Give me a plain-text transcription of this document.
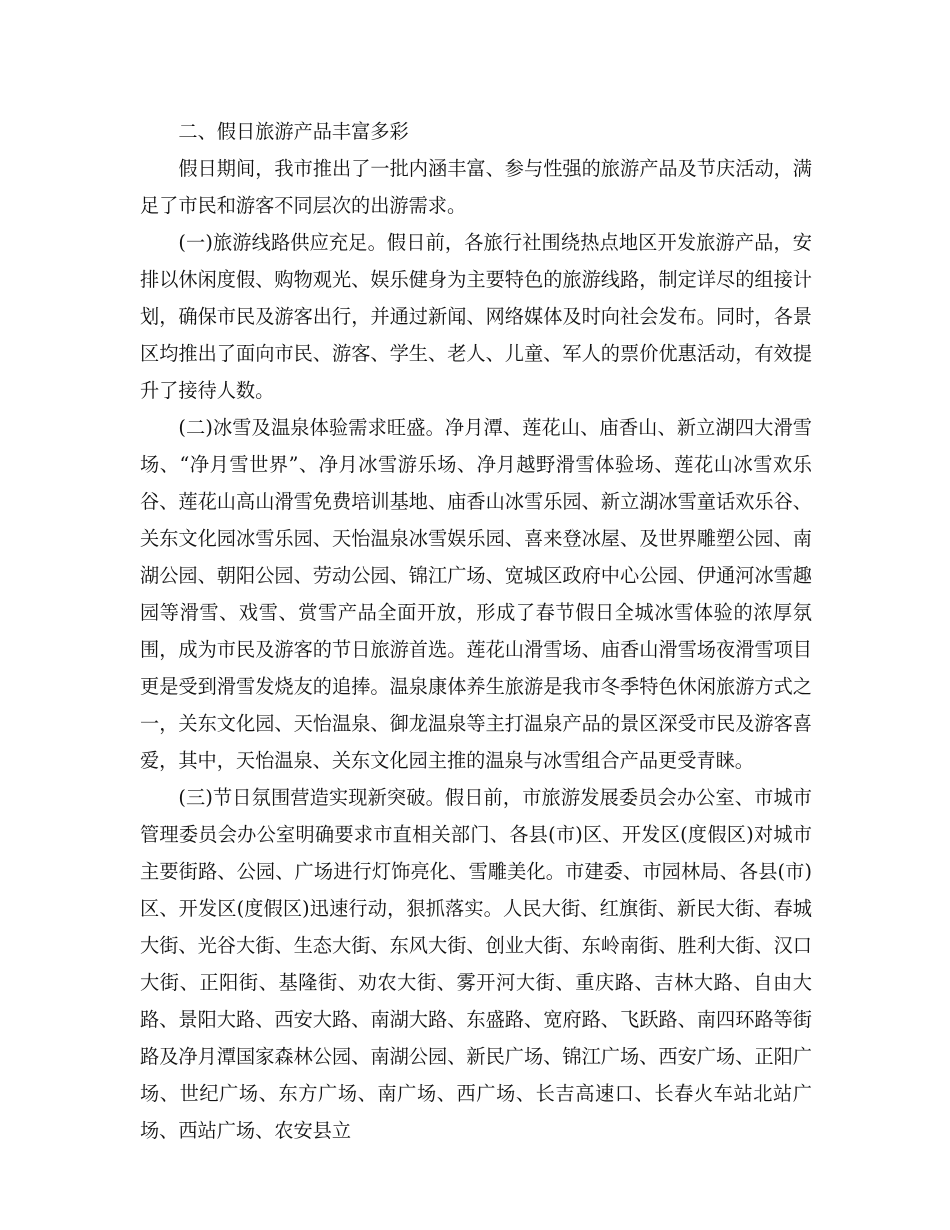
二、假日旅游产品丰富多彩

假日期间，我市推出了一批内涵丰富、参与性强的旅游产品及节庆活动，满足了市民和游客不同层次的出游需求。

(一)旅游线路供应充足。假日前，各旅行社围绕热点地区开发旅游产品，安排以休闲度假、购物观光、娱乐健身为主要特色的旅游线路，制定详尽的组接计划，确保市民及游客出行，并通过新闻、网络媒体及时向社会发布。同时，各景区均推出了面向市民、游客、学生、老人、儿童、军人的票价优惠活动，有效提升了接待人数。

(二)冰雪及温泉体验需求旺盛。净月潭、莲花山、庙香山、新立湖四大滑雪场、“净月雪世界”、净月冰雪游乐场、净月越野滑雪体验场、莲花山冰雪欢乐谷、莲花山高山滑雪免费培训基地、庙香山冰雪乐园、新立湖冰雪童话欢乐谷、关东文化园冰雪乐园、天怡温泉冰雪娱乐园、喜来登冰屋、及世界雕塑公园、南湖公园、朝阳公园、劳动公园、锦江广场、宽城区政府中心公园、伊通河冰雪趣园等滑雪、戏雪、赏雪产品全面开放，形成了春节假日全城冰雪体验的浓厚氛围，成为市民及游客的节日旅游首选。莲花山滑雪场、庙香山滑雪场夜滑雪项目更是受到滑雪发烧友的追捧。温泉康体养生旅游是我市冬季特色休闲旅游方式之一，关东文化园、天怡温泉、御龙温泉等主打温泉产品的景区深受市民及游客喜爱，其中，天怡温泉、关东文化园主推的温泉与冰雪组合产品更受青睐。

(三)节日氛围营造实现新突破。假日前，市旅游发展委员会办公室、市城市管理委员会办公室明确要求市直相关部门、各县(市)区、开发区(度假区)对城市主要街路、公园、广场进行灯饰亮化、雪雕美化。市建委、市园林局、各县(市)区、开发区(度假区)迅速行动，狠抓落实。人民大街、红旗街、新民大街、春城大街、光谷大街、生态大街、东风大街、创业大街、东岭南街、胜利大街、汉口大街、正阳街、基隆街、劝农大街、雾开河大街、重庆路、吉林大路、自由大路、景阳大路、西安大路、南湖大路、东盛路、宽府路、飞跃路、南四环路等街路及净月潭国家森林公园、南湖公园、新民广场、锦江广场、西安广场、正阳广场、世纪广场、东方广场、南广场、西广场、长吉高速口、长春火车站北站广场、西站广场、农安县立
